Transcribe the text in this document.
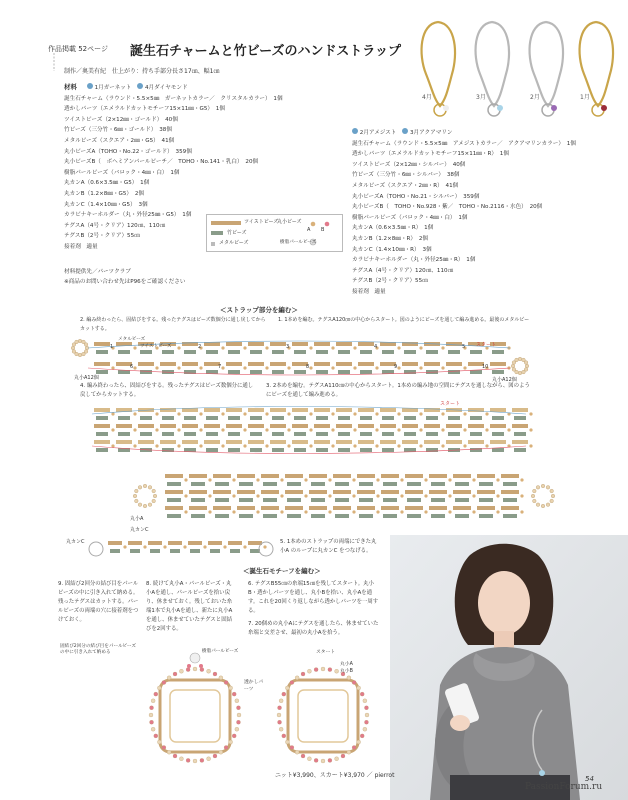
作品掲載 52ページ 誕生石チャームと竹ビーズのハンドストラップ
制作／奥美有紀　仕上がり：持ち手部分長さ17㎝、幅1㎝
材料	1月ガーネット 4月ダイヤモンド
誕生石チャーム（ラウンド・5.5×5㎜　ガーネットカラー／　クリスタルカラー）　1個
透かしパーツ（エメラルドカットモチーフ15×11㎜・G5）　1個
ツイストビーズ（2×12㎜・ゴールド）　40個
竹ビーズ（三分竹・6㎜・ゴールド）　38個
メタルビーズ（スクエア・2㎜・G5）　41個
丸小ビーズA（TOHO・No.22・ゴールド）　359個
丸小ビーズB（　ボヘミアンパールピーチ／　TOHO・No.141・乳白）　20個
樹脂パールビーズ（バロック・4㎜・白）　1個
丸カンA（0.6×3.5㎜・G5）　1個
丸カンB（1.2×8㎜・G5）　2個
丸カンC（1.4×10㎜・G5）　3個
カラビナキーホルダー（丸・外径25㎜・G5）　1個
テグスA（4号・クリア）120㎝、110㎝
テグスB（2号・クリア）55㎝
接着剤　適量
材料提供先／パーツクラブ
※商品のお問い合わせ先はP96をご確認ください
ツイストビーズ
丸小ビーズ
A B
竹ビーズ
メタルビーズ	樹脂パールビーズ
4月	3月	2月	1月
2月アメジスト 3月アクアマリン
誕生石チャーム（ラウンド・5.5×5㎜　アメジストカラー／　アクアマリンカラー）　1個
透かしパーツ（エメラルドカットモチーフ15×11㎜・R）　1個
ツイストビーズ（2×12㎜・シルバー）　40個
竹ビーズ（三分竹・6㎜・シルバー）　38個
メタルビーズ（スクエア・2㎜・R）　41個
丸小ビーズA（TOHO・No.21・シルバー）　359個
丸小ビーズB（　TOHO・No.928・紫／　TOHO・No.2116・水色）　20個
樹脂パールビーズ（バロック・4㎜・白）　1個
丸カンA（0.6×3.5㎜・R）　1個
丸カンB（1.2×8㎜・R）　2個
丸カンC（1.4×10㎜・R）　3個
カラビナキーホルダー（丸・外径25㎜・R）　1個
テグスA（4号・クリア）120㎝、110㎝
テグスB（2号・クリア）55㎝
接着剤　適量
＜ストラップ部分を編む＞
1. 1本めを編む。テグスA120㎝の中心からスタート。図のようにビーズを通して編み進める。最後のメタルビー
2. 編み終わったら、固結びをする。残ったテグスはビーズ数個分に通し戻してからカットする。
4. 編み終わったら、固結びをする。残ったテグスはビーズ数個分に通し戻してからカットする。
3. 2本めを編む。テグスA110㎝の中心からスタート。1本めの編み地の空間にテグスを通しながら、図のようにビーズを通して編み進める。
1	2	3	4	5
6	7	8	9	10
スタート
丸小A12個	丸小A12個
メタルビーズ
ツイストビーズ
スタート
丸小A
丸カンC
丸カンC	5. 1本めのストラップの両端にできた丸小A のループに丸カンC をつなげる。
＜誕生石モチーフを編む＞
9. 固結び2回分の結び目をパールビーズの中に引き入れて納める。残ったテグスはカットする。パールビーズの両端の穴に接着剤をつけておく。
8. 続けて丸小A・パールビーズ・丸小Aを通し、パールビーズを拾い戻り、休ませておく。残しておいた糸端1本で丸小Aを通し、新たに丸小Aを通し、休ませていたテグスと固結びを2回する。
6. テグスB55㎝の糸端15㎝を残してスタート。丸小B・透かしパーツを通し、丸小Bを拾い、丸小Aを通す。これを20回くり返しながら透かしパーツを一周する。
7. 20個めの丸小Aにテグスを通したら、休ませていた糸端と交差させ、最初の丸小Aを拾う。
固結び2回分の結び目をパールビーズの中に引き入れて納める	樹脂パールビーズ	スタート
丸小A
丸小B
透かしパーツ
ニット¥3,990、スカート¥3,970 ／ pierrot	54
PassionForum.ru
